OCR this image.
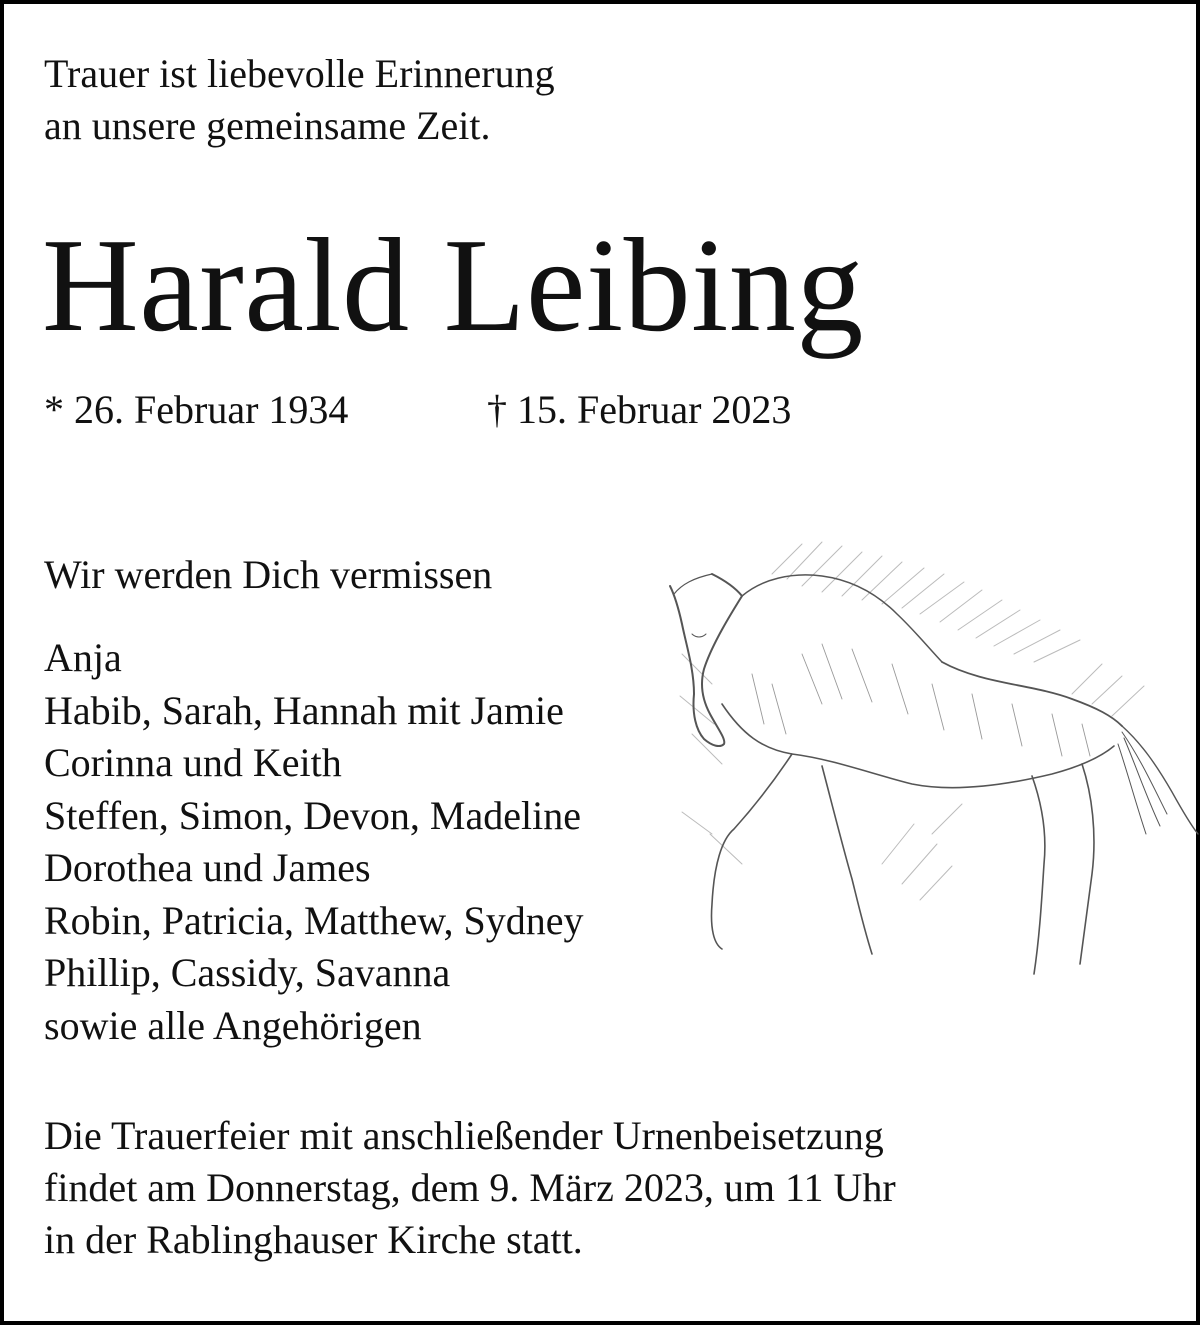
Trauer ist liebevolle Erinnerung
an unsere gemeinsame Zeit.
Harald Leibing
* 26. Februar 1934	† 15. Februar 2023
Wir werden Dich vermissen
Anja
Habib, Sarah, Hannah mit Jamie
Corinna und Keith
Steffen, Simon, Devon, Madeline
Dorothea und James
Robin, Patricia, Matthew, Sydney
Phillip, Cassidy, Savanna
sowie alle Angehörigen
Die Trauerfeier mit anschließender Urnenbeisetzung
findet am Donnerstag, dem 9. März 2023, um 11 Uhr
in der Rablinghauser Kirche statt.
